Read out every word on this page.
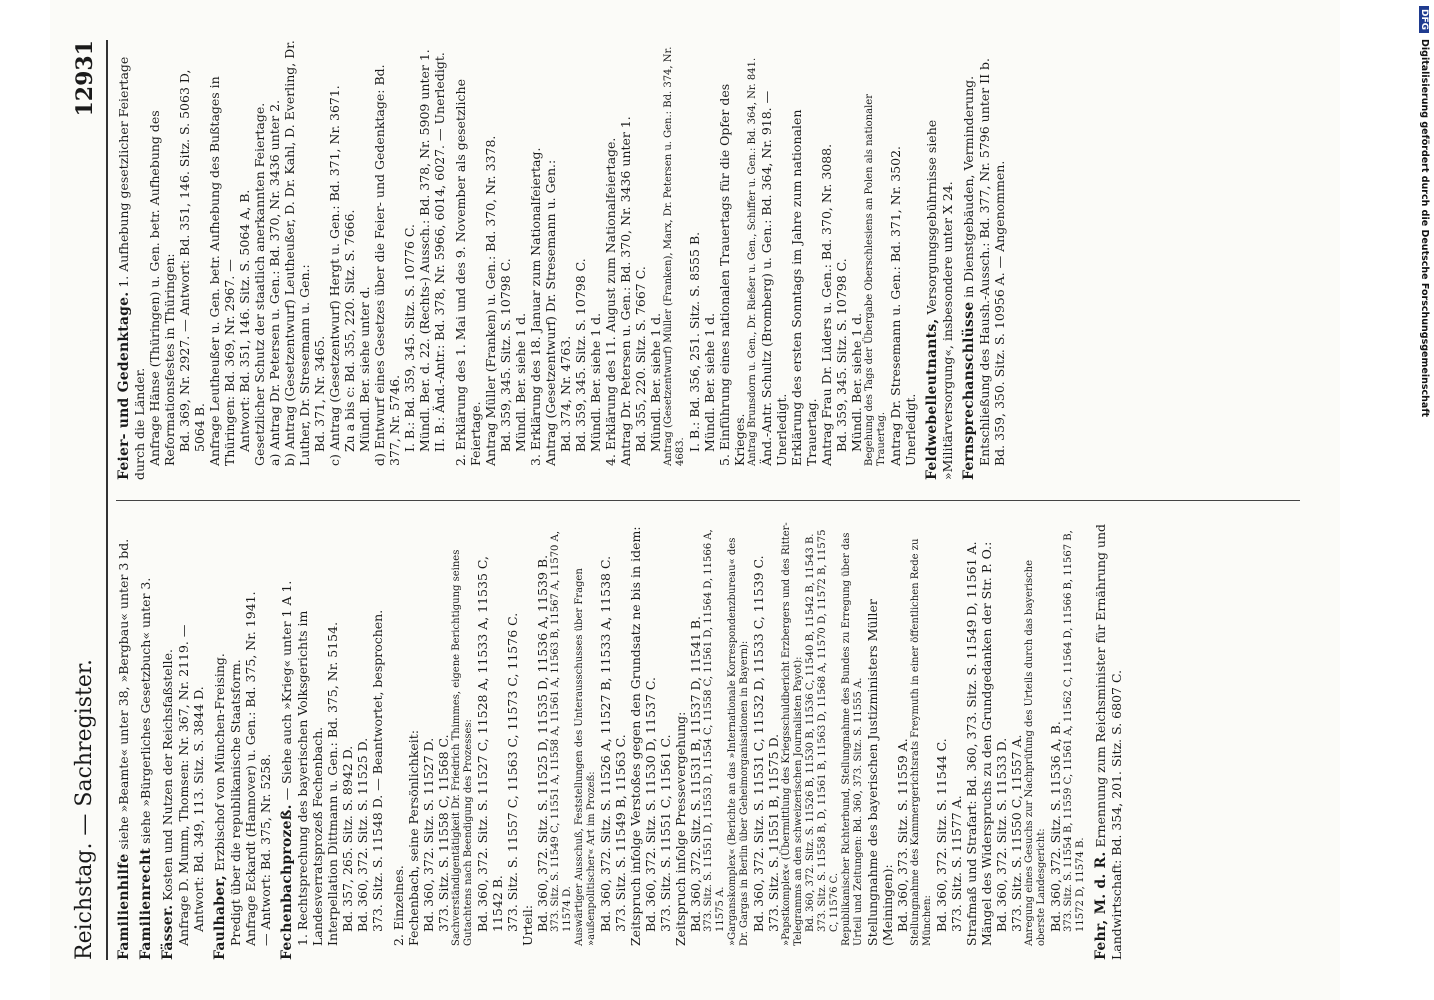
Reichstag. — Sachregister.
12931
Familienhilfe siehe »Beamte« unter 38, »Bergbau« unter 3 bd.
Familienrecht siehe »Bürgerliches Gesetzbuch« unter 3.
Fässer. Kosten und Nutzen der Reichsfaßstelle. Anfrage D. Mumm, Thomsen: Nr. 367, Nr. 2119. — Antwort: Bd. 349, 113. Sitz. S. 3844 D. Faulhaber, Erzbischof von München-Freising. Predigt über die republikanische Staatsform. Anfrage Eckardt (Hannover) u. Gen.: Bd. 375, Nr. 1941. — Antwort: Bd. 375, Nr. 5258. Fechenbachprozeß. — Siehe auch »Krieg« unter 1 A 1. 1. Rechtsprechung des bayerischen Volksgerichts im Landesverratsprozeß Fechenbach. Interpellation Dittmann u. Gen.: Bd. 375, Nr. 5154. Bd. 357, 265. Sitz. S. 8942 D. Bd. 360, 372. Sitz. S. 11525 D. 373. Sitz. S. 11548 D. — Beantwortet, besprochen. 2. Einzelnes. Fechenbach, seine Persönlichkeit: Bd. 360, 372. Sitz. S. 11527 D. 373. Sitz. S. 11558 C, 11568 C. Sachverständigentätigkeit Dr. Friedrich Thimmes, eigene Berichtigung seines Gutachtens nach Beendigung des Prozesses: Bd. 360, 372. Sitz. S. 11527 C, 11528 A, 11533 A, 11535 C, 11542 B. 373. Sitz. S. 11557 C, 11563 C, 11573 C, 11576 C. Urteil: Bd. 360, 372. Sitz. S. 11525 D, 11535 D, 11536 A, 11539 B. 373. Sitz. S. 11549 C, 11551 A, 11558 A, 11561 A, 11563 B, 11567 A, 11570 A, 11574 D. Auswärtiger Ausschuß, Feststellungen des Unterausschusses über Fragen »außenpolitischer« Art im Prozeß: Bd. 360, 372. Sitz. S. 11526 A, 11527 B, 11533 A, 11538 C. 373. Sitz. S. 11549 B, 11563 C. Zeitspruch infolge Verstoßes gegen den Grundsatz ne bis in idem: Bd. 360, 372. Sitz. S. 11530 D, 11537 C. 373. Sitz. S. 11551 C, 11561 C. Zeitspruch infolge Pressevergehung: Bd. 360, 372. Sitz. S. 11531 B, 11537 D, 11541 B. 373. Sitz. S. 11551 D, 11553 D, 11554 C, 11558 C, 11561 D, 11564 D, 11566 A, 11575 A. »Garganskomplex« (Berichte an das »Internationale Korrespondenzbureau« des Dr. Gargas in Berlin über Geheimorganisationen in Bayern): Bd. 360, 372. Sitz. S. 11531 C, 11532 D, 11533 C, 11539 C. 373. Sitz. S. 11551 B, 11575 D. »Papstkomplex« (Übermittlung des Kriegsschuldbericht Erzbergers und des Ritter-Telegramms an den schweizerischen Journalisten Payot): Bd. 360, 372. Sitz. S. 11526 B, 11530 B, 11536 C, 11540 B, 11542 B, 11543 B. 373. Sitz. S. 11558 B, D, 11561 B, 11563 D, 11568 A, 11570 D, 11572 B, 11575 C, 11576 C. Republikanischer Richterbund, Stellungnahme des Bundes zu Erregung über das Urteil und Zeitungen: Bd. 360, 373. Sitz. S. 11555 A. Stellungnahme des bayerischen Justizministers Müller (Meiningen): Bd. 360, 373. Sitz. S. 11559 A. Stellungnahme des Kammergerichtsrats Freymuth in einer öffentlichen Rede zu München: Bd. 360, 372. Sitz. S. 11544 C. 373. Sitz. S. 11577 A. Strafmaß und Strafart: Bd. 360, 373. Sitz. S. 11549 D, 11561 A. Mängel des Widerspruchs zu den Grundgedanken der Str. P. O.: Bd. 360, 372. Sitz. S. 11533 D. 373. Sitz. S. 11550 C, 11557 A. Anregung eines Gesuchs zur Nachprüfung des Urteils durch das bayerische oberste Landesgericht: Bd. 360, 372. Sitz. S. 11536 A, B. 373. Sitz. S. 11554 B, 11559 C, 11561 A, 11562 C, 11564 D, 11566 B, 11567 B, 11572 D, 11574 B. Fehr, M. d. R. Ernennung zum Reichsminister für Ernährung und Landwirtschaft: Bd. 354, 201. Sitz. S. 6807 C.
Feier- und Gedenktage. 1. Aufhebung gesetzlicher Feiertage durch die Länder. Anfrage Hänse (Thüringen) u. Gen. betr. Aufhebung des Reformationsfestes in Thüringen: Bd. 369, Nr. 2927. — Antwort: Bd. 351, 146. Sitz. S. 5063 D, 5064 B. Anfrage Leutheußer u. Gen. betr. Aufhebung des Bußtages in Thüringen: Bd. 369, Nr. 2967. — Antwort: Bd. 351, 146. Sitz. S. 5064 A, B. Gesetzlicher Schutz der staatlich anerkannten Feiertage. a) Antrag Dr. Petersen u. Gen.: Bd. 370, Nr. 3436 unter 2. b) Antrag (Gesetzentwurf) Leutheußer, D. Dr. Kahl, D. Everling, Dr. Luther, Dr. Stresemann u. Gen.: Bd. 371, Nr. 3465. c) Antrag (Gesetzentwurf) Hergt u. Gen.: Bd. 371, Nr. 3671. Zu a bis c: Bd. 355, 220. Sitz. S. 7666. Mündl. Ber. siehe unter d. d) Entwurf eines Gesetzes über die Feier- und Gedenktage: Bd. 377, Nr. 5746. I. B.: Bd. 359, 345. Sitz. S. 10776 C. Mündl. Ber. d. 22. (Rechts-) Aussch.: Bd. 378, Nr. 5909 unter 1. II. B.: Änd.-Antr.: Bd. 378, Nr. 5966, 6014, 6027. — Unerledigt. 2. Erklärung des 1. Mai und des 9. November als gesetzliche Feiertage. Antrag Müller (Franken) u. Gen.: Bd. 370, Nr. 3378. Bd. 359, 345. Sitz. S. 10798 C. Mündl. Ber. siehe 1 d. 3. Erklärung des 18. Januar zum Nationalfeiertag. Antrag (Gesetzentwurf) Dr. Stresemann u. Gen.: Bd. 374, Nr. 4763. Bd. 359, 345. Sitz. S. 10798 C. Mündl. Ber. siehe 1 d. 4. Erklärung des 11. August zum Nationalfeiertage. Antrag Dr. Petersen u. Gen.: Bd. 370, Nr. 3436 unter 1. Bd. 355, 220. Sitz. S. 7667 C. Mündl. Ber. siehe 1 d. Antrag (Gesetzentwurf) Müller (Franken), Marx, Dr. Petersen u. Gen.: Bd. 374, Nr. 4683. I. B.: Bd. 356, 251. Sitz. S. 8555 B. Mündl. Ber. siehe 1 d. 5. Einführung eines nationalen Trauertags für die Opfer des Krieges. Antrag Brunsdorn u. Gen., Dr. Rießer u. Gen., Schiffer u. Gen.: Bd. 364, Nr. 841. Änd.-Antr. Schultz (Bromberg) u. Gen.: Bd. 364, Nr. 918. — Unerledigt. Erklärung des ersten Sonntags im Jahre zum nationalen Trauertag. Antrag Frau Dr. Lüders u. Gen.: Bd. 370, Nr. 3088. Bd. 359, 345. Sitz. S. 10798 C. Mündl. Ber. siehe 1 d. Begehung des Tags der Übergabe Oberschlesiens an Polen als nationaler Trauertag. Antrag Dr. Stresemann u. Gen.: Bd. 371, Nr. 3502. Unerledigt. Feldwebelleutnants, Versorgungsgebührnisse siehe »Militärversorgung«, insbesondere unter X 24. Fernsprechanschlüsse in Dienstgebäuden, Verminderung. Entschließung des Haush.-Aussch.: Bd. 377, Nr. 5796 unter II b. Bd. 359, 350. Sitz. S. 10956 A. — Angenommen.
DFGDigitalisierung gefördert durch die Deutsche Forschungsgemeinschaft
